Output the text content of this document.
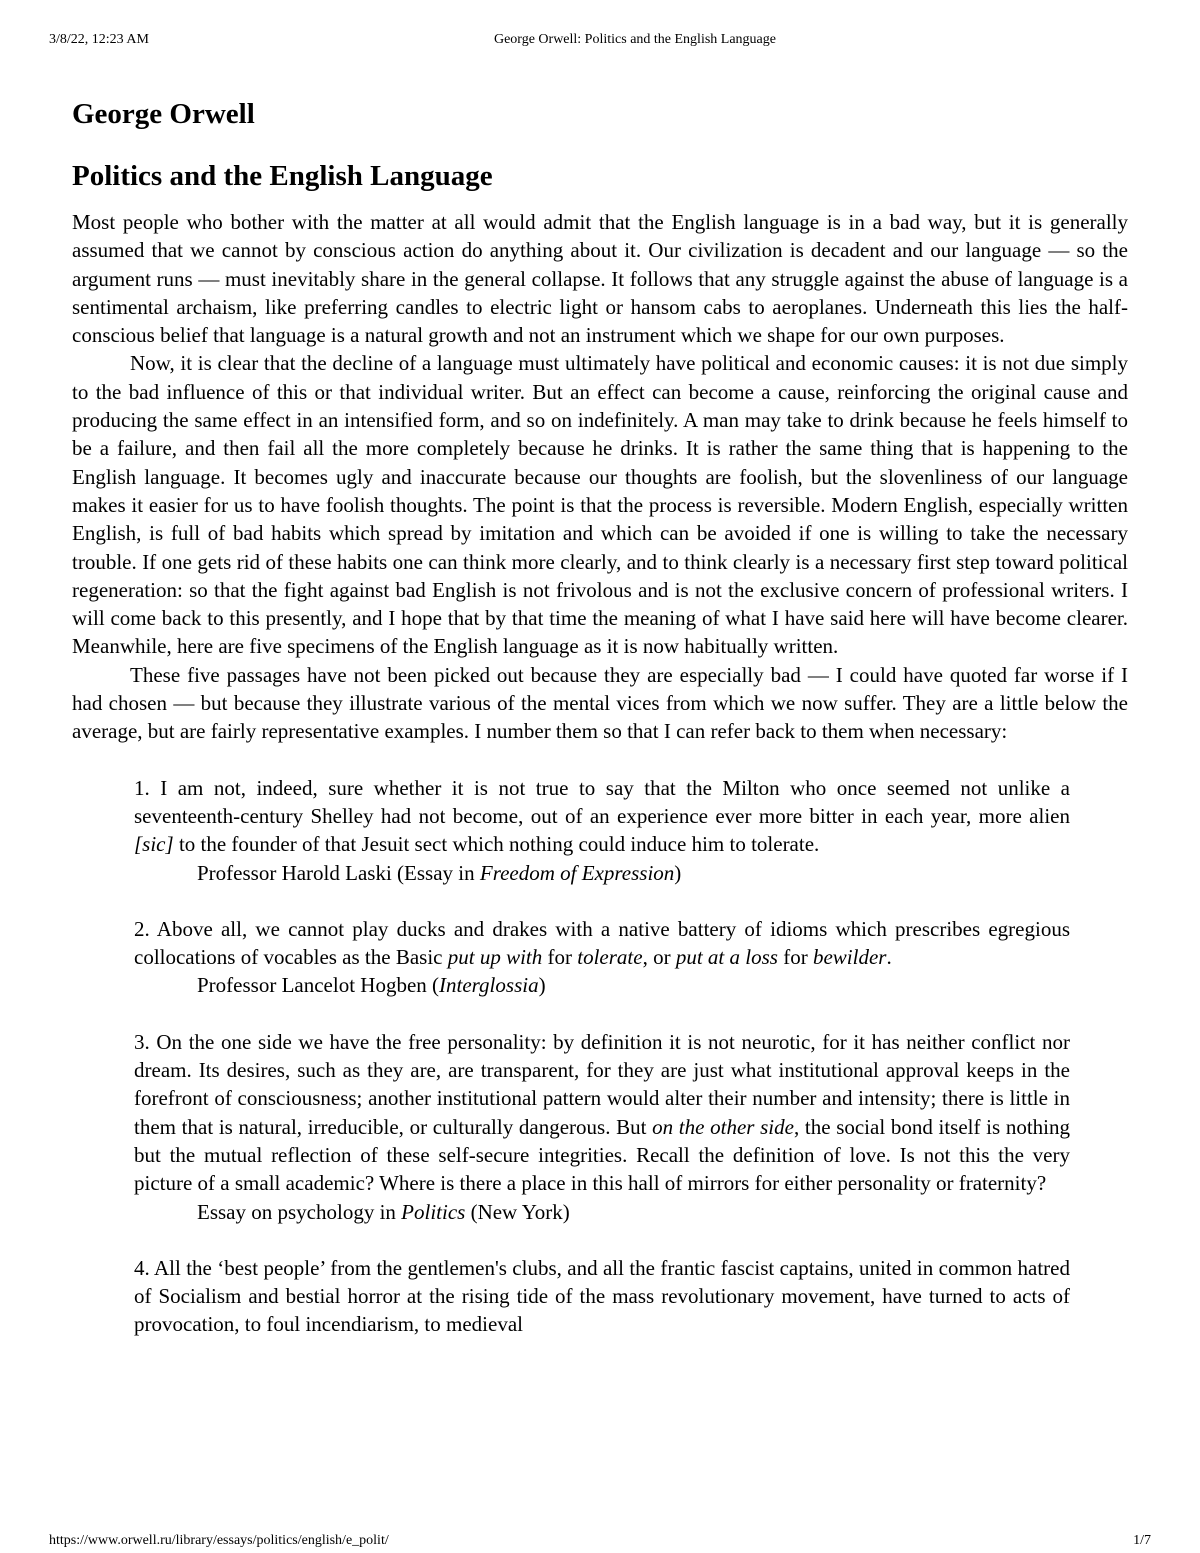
3/8/22, 12:23 AM	George Orwell: Politics and the English Language
George Orwell
Politics and the English Language

Most people who bother with the matter at all would admit that the English language is in a bad way, but it is generally assumed that we cannot by conscious action do anything about it. Our civilization is decadent and our language — so the argument runs — must inevitably share in the general collapse. It follows that any struggle against the abuse of language is a sentimental archaism, like preferring candles to electric light or hansom cabs to aeroplanes. Underneath this lies the half-conscious belief that language is a natural growth and not an instrument which we shape for our own purposes.

Now, it is clear that the decline of a language must ultimately have political and economic causes: it is not due simply to the bad influence of this or that individual writer. But an effect can become a cause, reinforcing the original cause and producing the same effect in an intensified form, and so on indefinitely. A man may take to drink because he feels himself to be a failure, and then fail all the more completely because he drinks. It is rather the same thing that is happening to the English language. It becomes ugly and inaccurate because our thoughts are foolish, but the slovenliness of our language makes it easier for us to have foolish thoughts. The point is that the process is reversible. Modern English, especially written English, is full of bad habits which spread by imitation and which can be avoided if one is willing to take the necessary trouble. If one gets rid of these habits one can think more clearly, and to think clearly is a necessary first step toward political regeneration: so that the fight against bad English is not frivolous and is not the exclusive concern of professional writers. I will come back to this presently, and I hope that by that time the meaning of what I have said here will have become clearer. Meanwhile, here are five specimens of the English language as it is now habitually written.

These five passages have not been picked out because they are especially bad — I could have quoted far worse if I had chosen — but because they illustrate various of the mental vices from which we now suffer. They are a little below the average, but are fairly representative examples. I number them so that I can refer back to them when necessary:

1. I am not, indeed, sure whether it is not true to say that the Milton who once seemed not unlike a seventeenth-century Shelley had not become, out of an experience ever more bitter in each year, more alien [sic] to the founder of that Jesuit sect which nothing could induce him to tolerate.

Professor Harold Laski (Essay in Freedom of Expression)

2. Above all, we cannot play ducks and drakes with a native battery of idioms which prescribes egregious collocations of vocables as the Basic put up with for tolerate, or put at a loss for bewilder.

Professor Lancelot Hogben (Interglossia)

3. On the one side we have the free personality: by definition it is not neurotic, for it has neither conflict nor dream. Its desires, such as they are, are transparent, for they are just what institutional approval keeps in the forefront of consciousness; another institutional pattern would alter their number and intensity; there is little in them that is natural, irreducible, or culturally dangerous. But on the other side, the social bond itself is nothing but the mutual reflection of these self-secure integrities. Recall the definition of love. Is not this the very picture of a small academic? Where is there a place in this hall of mirrors for either personality or fraternity?

Essay on psychology in Politics (New York)

4. All the ‘best people’ from the gentlemen's clubs, and all the frantic fascist captains, united in common hatred of Socialism and bestial horror at the rising tide of the mass revolutionary movement, have turned to acts of provocation, to foul incendiarism, to medieval

https://www.orwell.ru/library/essays/politics/english/e_polit/	1/7
